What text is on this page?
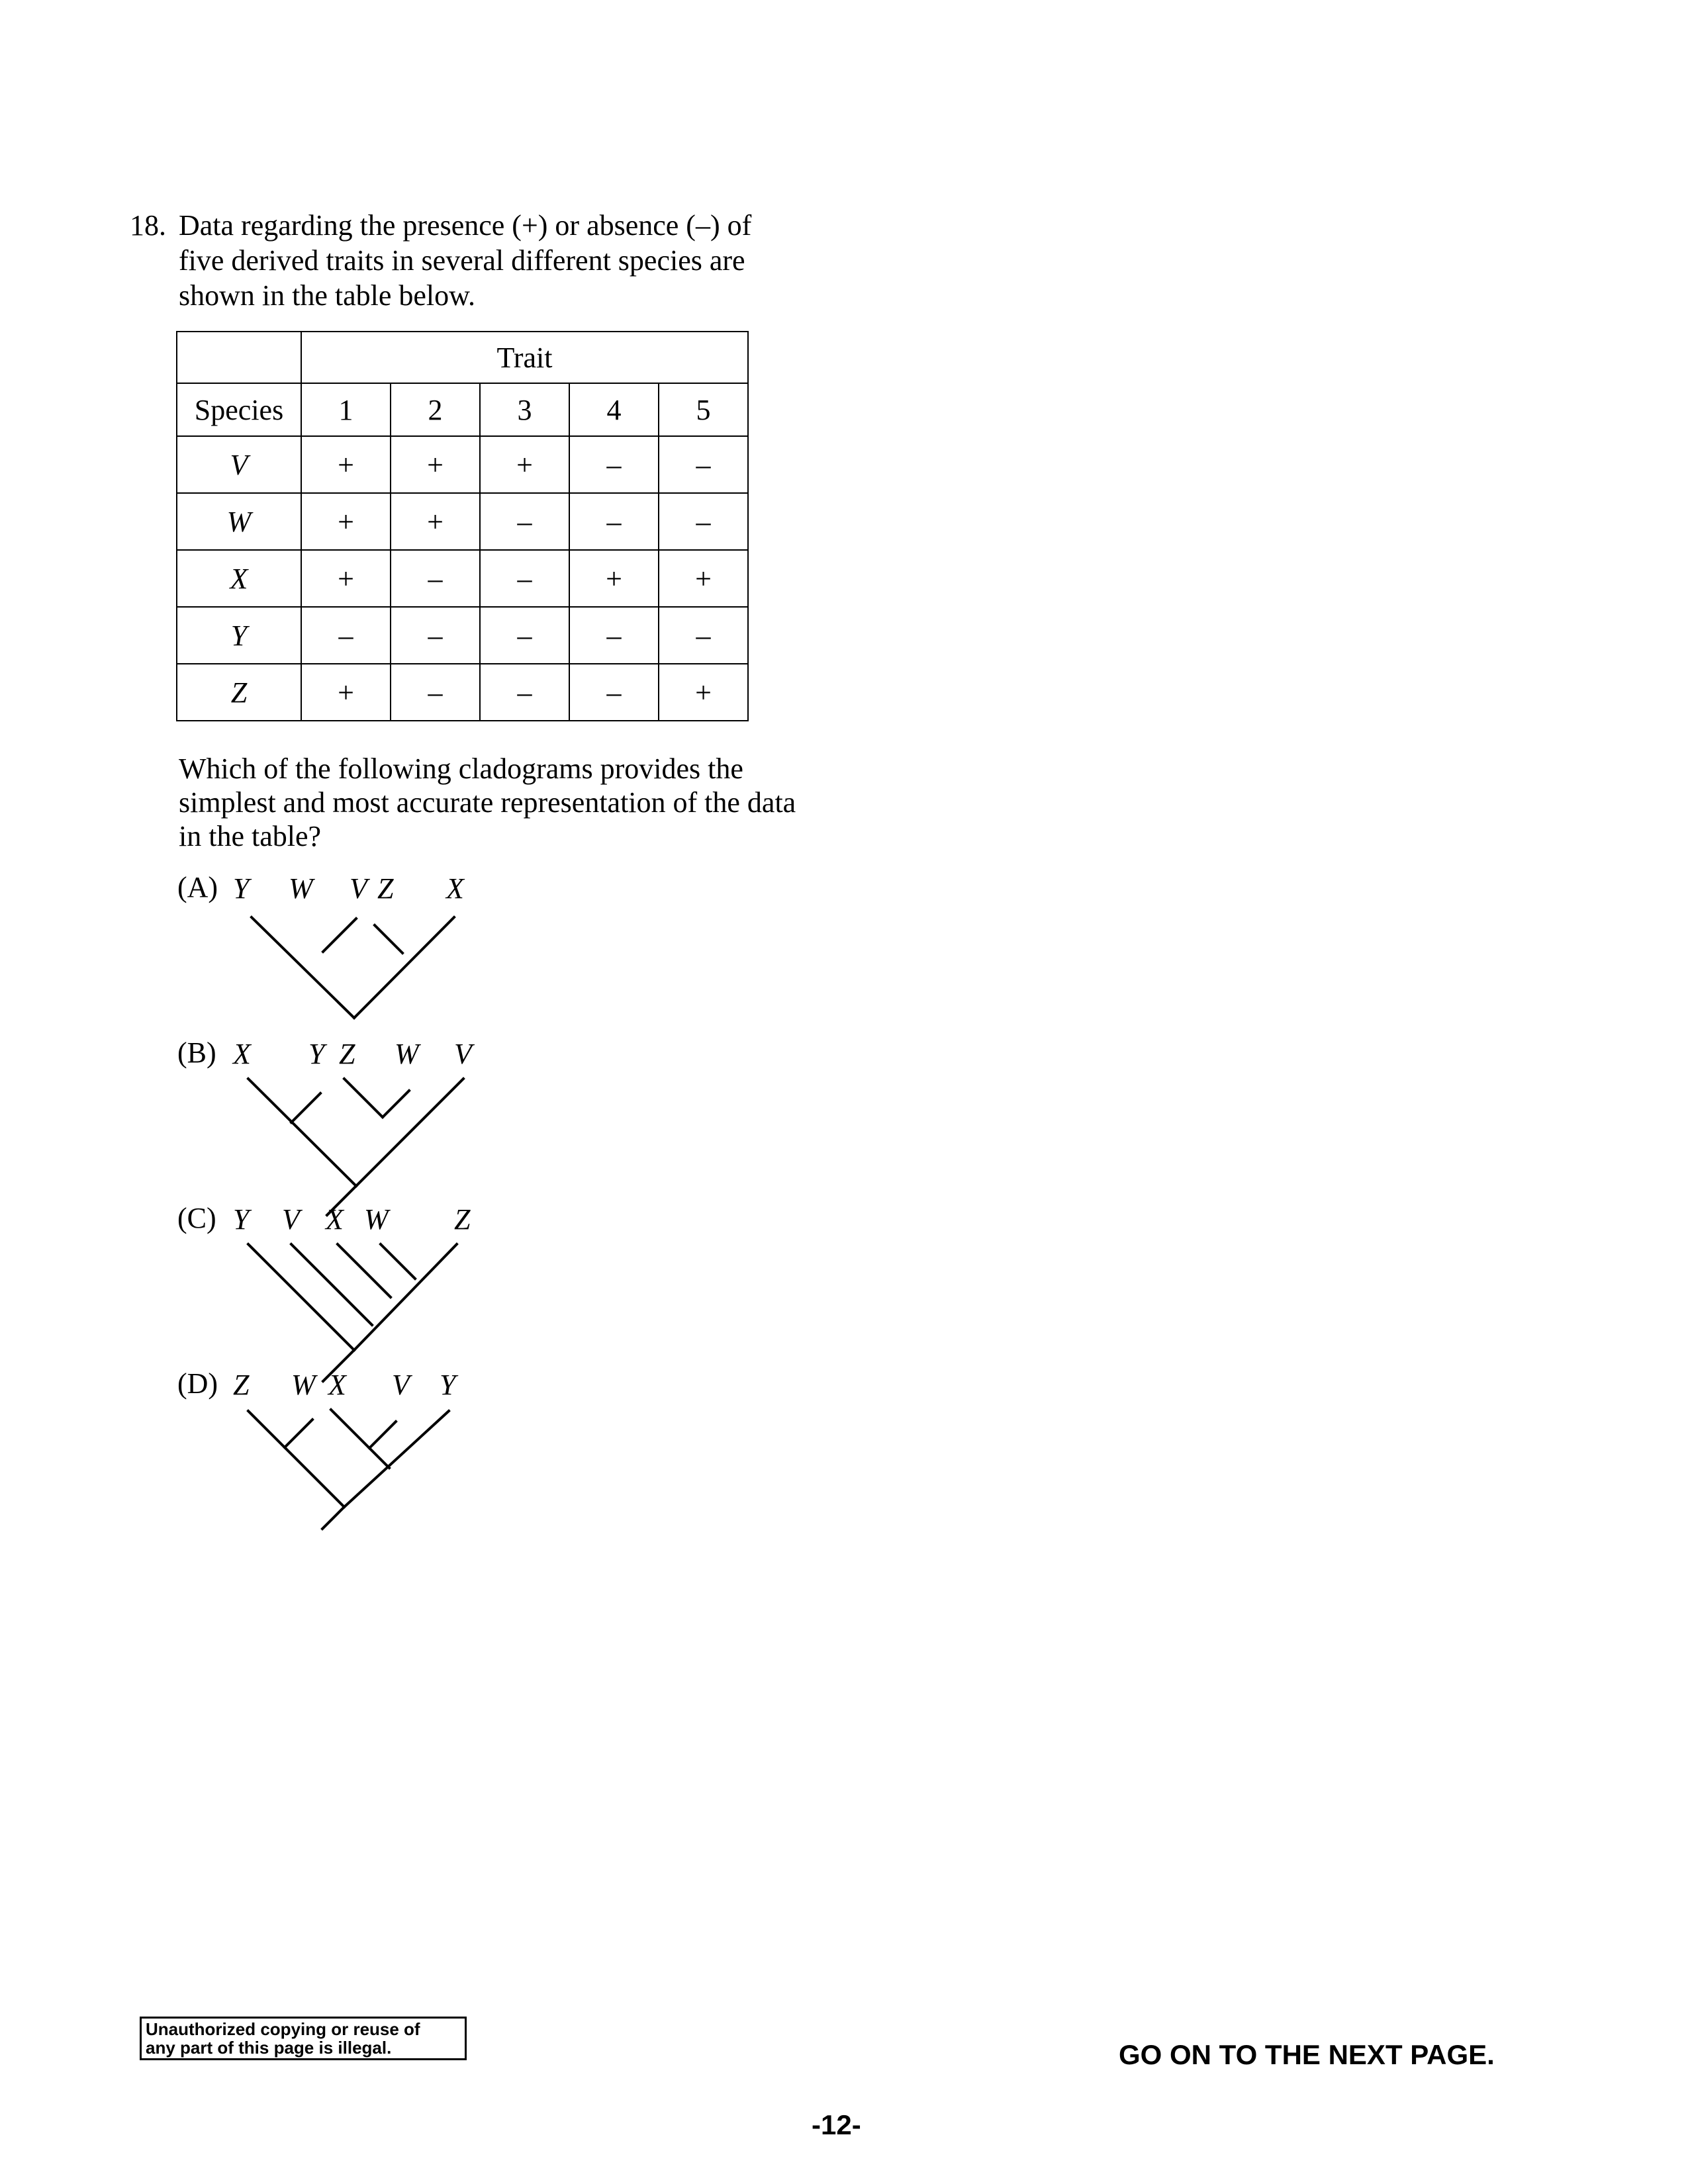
18. Data regarding the presence (+) or absence (–) of five derived traits in several different species are shown in the table below.

	Trait				
Species	1	2	3	4	5
V	+	+	+	–	–
W	+	+	–	–	–
X	+	–	–	+	+
Y	–	–	–	–	–
Z	+	–	–	–	+

Which of the following cladograms provides the simplest and most accurate representation of the data in the table?

(A) Y W V Z X
(B) X Y Z W V
(C) Y V X W Z
(D) Z W X V Y
Unauthorized copying or reuse of
any part of this page is illegal.	GO ON TO THE NEXT PAGE.
-12-
